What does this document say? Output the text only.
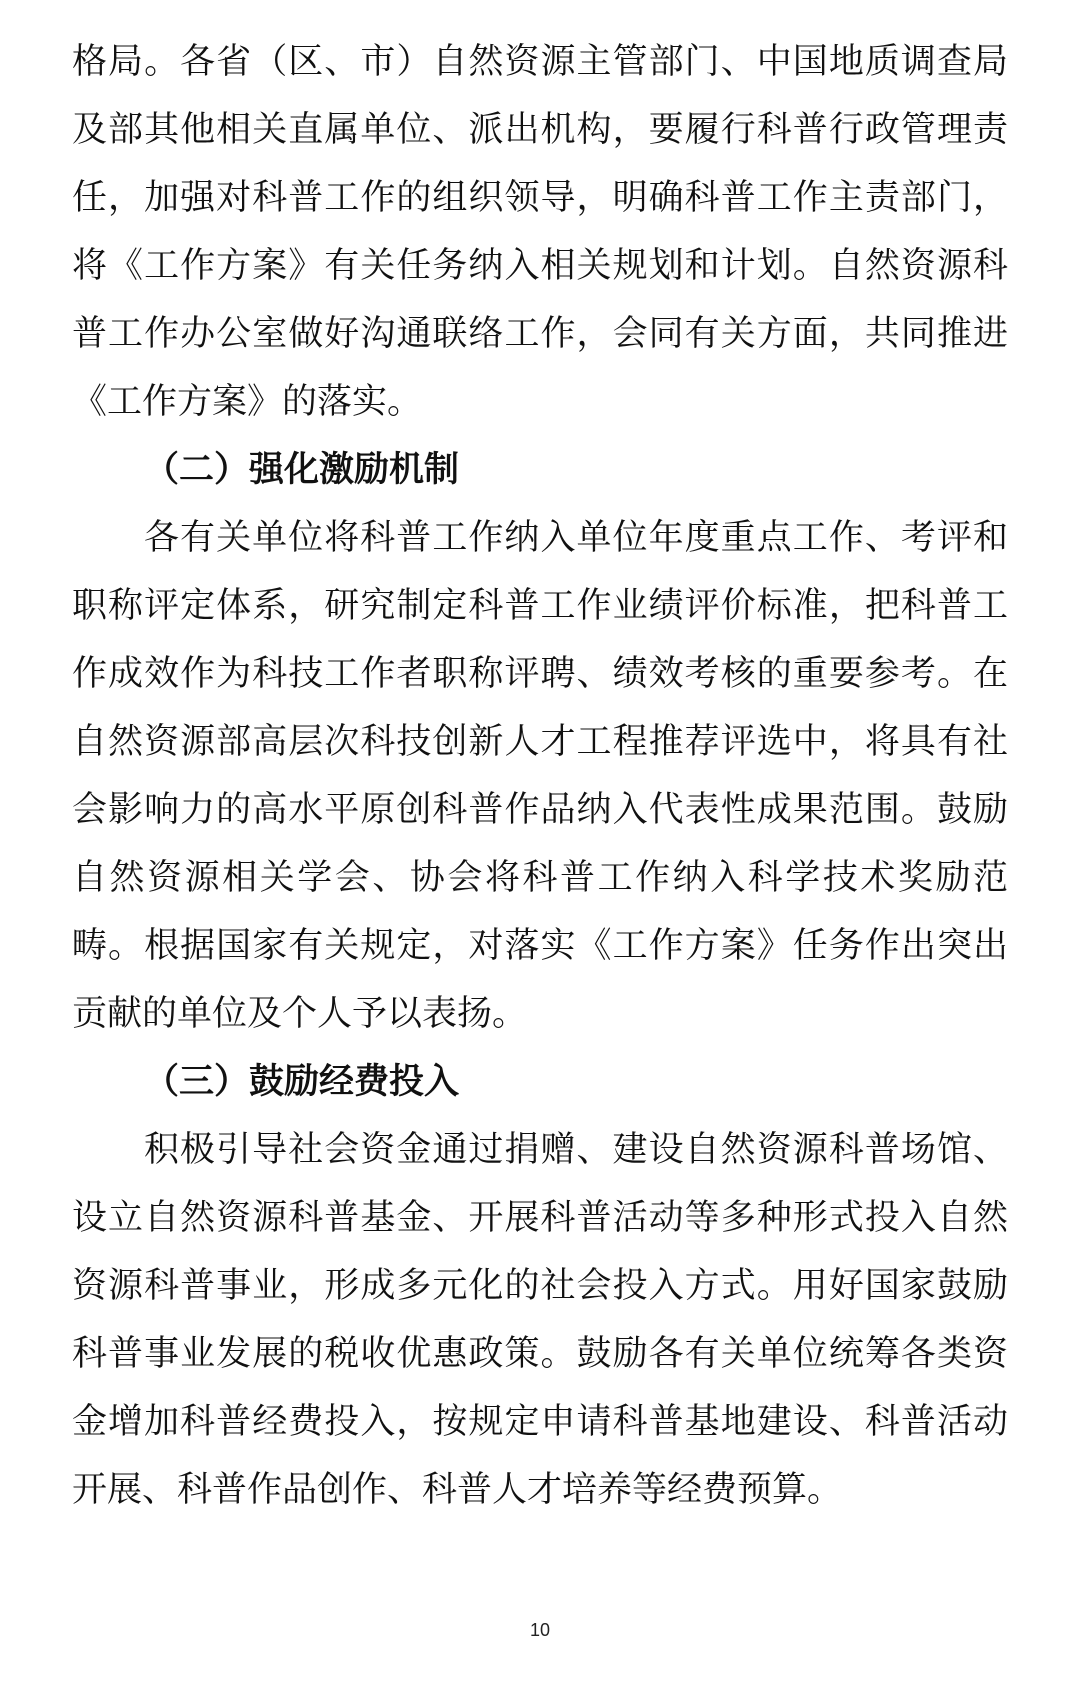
格局。各省（区、市）自然资源主管部门、中国地质调查局
及部其他相关直属单位、派出机构，要履行科普行政管理责
任，加强对科普工作的组织领导，明确科普工作主责部门，
将《工作方案》有关任务纳入相关规划和计划。自然资源科
普工作办公室做好沟通联络工作，会同有关方面，共同推进
《工作方案》的落实。
（二）强化激励机制
各有关单位将科普工作纳入单位年度重点工作、考评和
职称评定体系，研究制定科普工作业绩评价标准，把科普工
作成效作为科技工作者职称评聘、绩效考核的重要参考。在
自然资源部高层次科技创新人才工程推荐评选中，将具有社
会影响力的高水平原创科普作品纳入代表性成果范围。鼓励
自然资源相关学会、协会将科普工作纳入科学技术奖励范
畴。根据国家有关规定，对落实《工作方案》任务作出突出
贡献的单位及个人予以表扬。
（三）鼓励经费投入
积极引导社会资金通过捐赠、建设自然资源科普场馆、
设立自然资源科普基金、开展科普活动等多种形式投入自然
资源科普事业，形成多元化的社会投入方式。用好国家鼓励
科普事业发展的税收优惠政策。鼓励各有关单位统筹各类资
金增加科普经费投入，按规定申请科普基地建设、科普活动
开展、科普作品创作、科普人才培养等经费预算。
10
